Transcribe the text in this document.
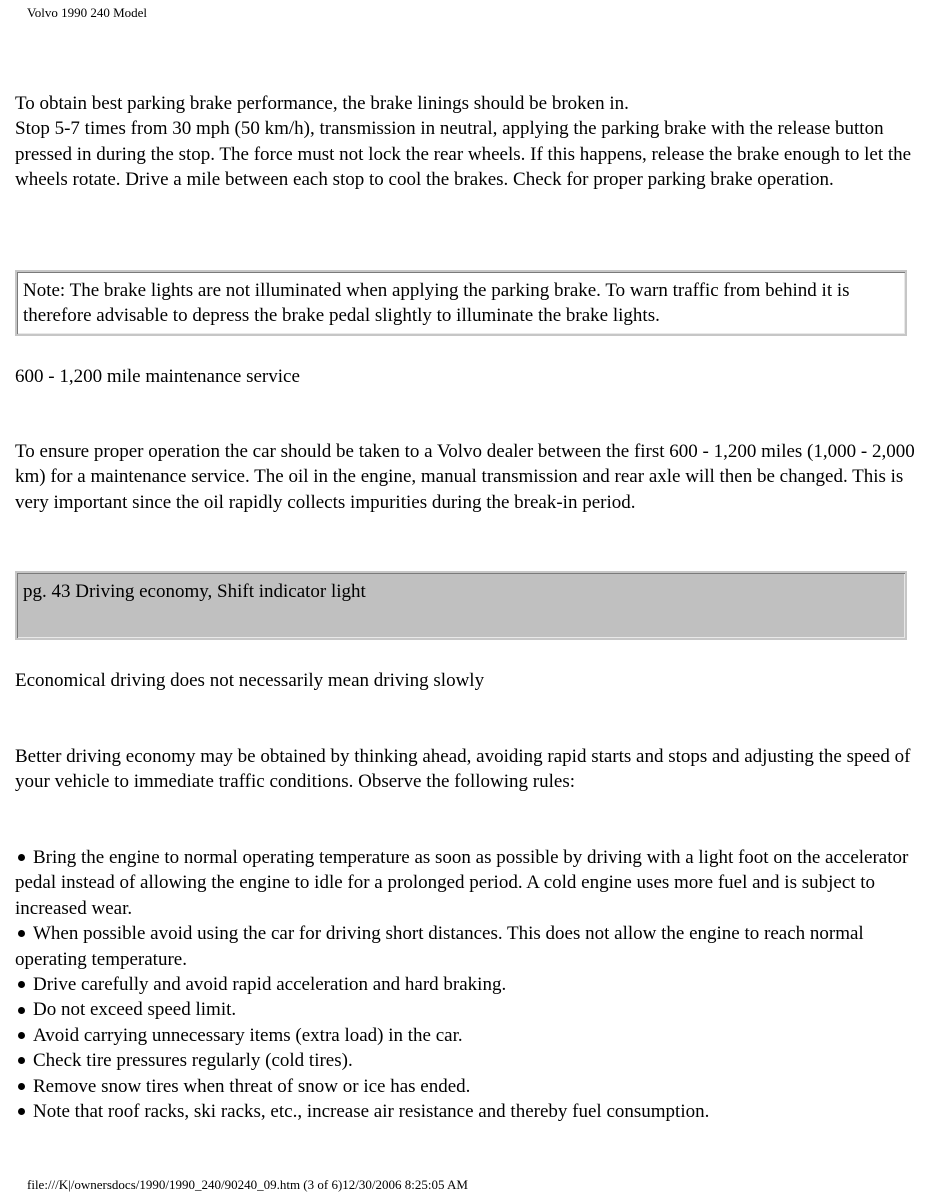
Volvo 1990 240 Model

To obtain best parking brake performance, the brake linings should be broken in.

Stop 5-7 times from 30 mph (50 km/h), transmission in neutral, applying the parking brake with the release button pressed in during the stop. The force must not lock the rear wheels. If this happens, release the brake enough to let the wheels rotate. Drive a mile between each stop to cool the brakes. Check for proper parking brake operation.

Note: The brake lights are not illuminated when applying the parking brake. To warn traffic from behind it is therefore advisable to depress the brake pedal slightly to illuminate the brake lights.
600 - 1,200 mile maintenance service
To ensure proper operation the car should be taken to a Volvo dealer between the first 600 - 1,200 miles (1,000 - 2,000 km) for a maintenance service. The oil in the engine, manual transmission and rear axle will then be changed. This is very important since the oil rapidly collects impurities during the break-in period.
pg. 43 Driving economy, Shift indicator light
Economical driving does not necessarily mean driving slowly
Better driving economy may be obtained by thinking ahead, avoiding rapid starts and stops and adjusting the speed of your vehicle to immediate traffic conditions. Observe the following rules:
Bring the engine to normal operating temperature as soon as possible by driving with a light foot on the accelerator pedal instead of allowing the engine to idle for a prolonged period. A cold engine uses more fuel and is subject to increased wear.
When possible avoid using the car for driving short distances. This does not allow the engine to reach normal operating temperature.
Drive carefully and avoid rapid acceleration and hard braking.
Do not exceed speed limit.
Avoid carrying unnecessary items (extra load) in the car.
Check tire pressures regularly (cold tires).
Remove snow tires when threat of snow or ice has ended.
Note that roof racks, ski racks, etc., increase air resistance and thereby fuel consumption.
file:///K|/ownersdocs/1990/1990_240/90240_09.htm (3 of 6)12/30/2006 8:25:05 AM
